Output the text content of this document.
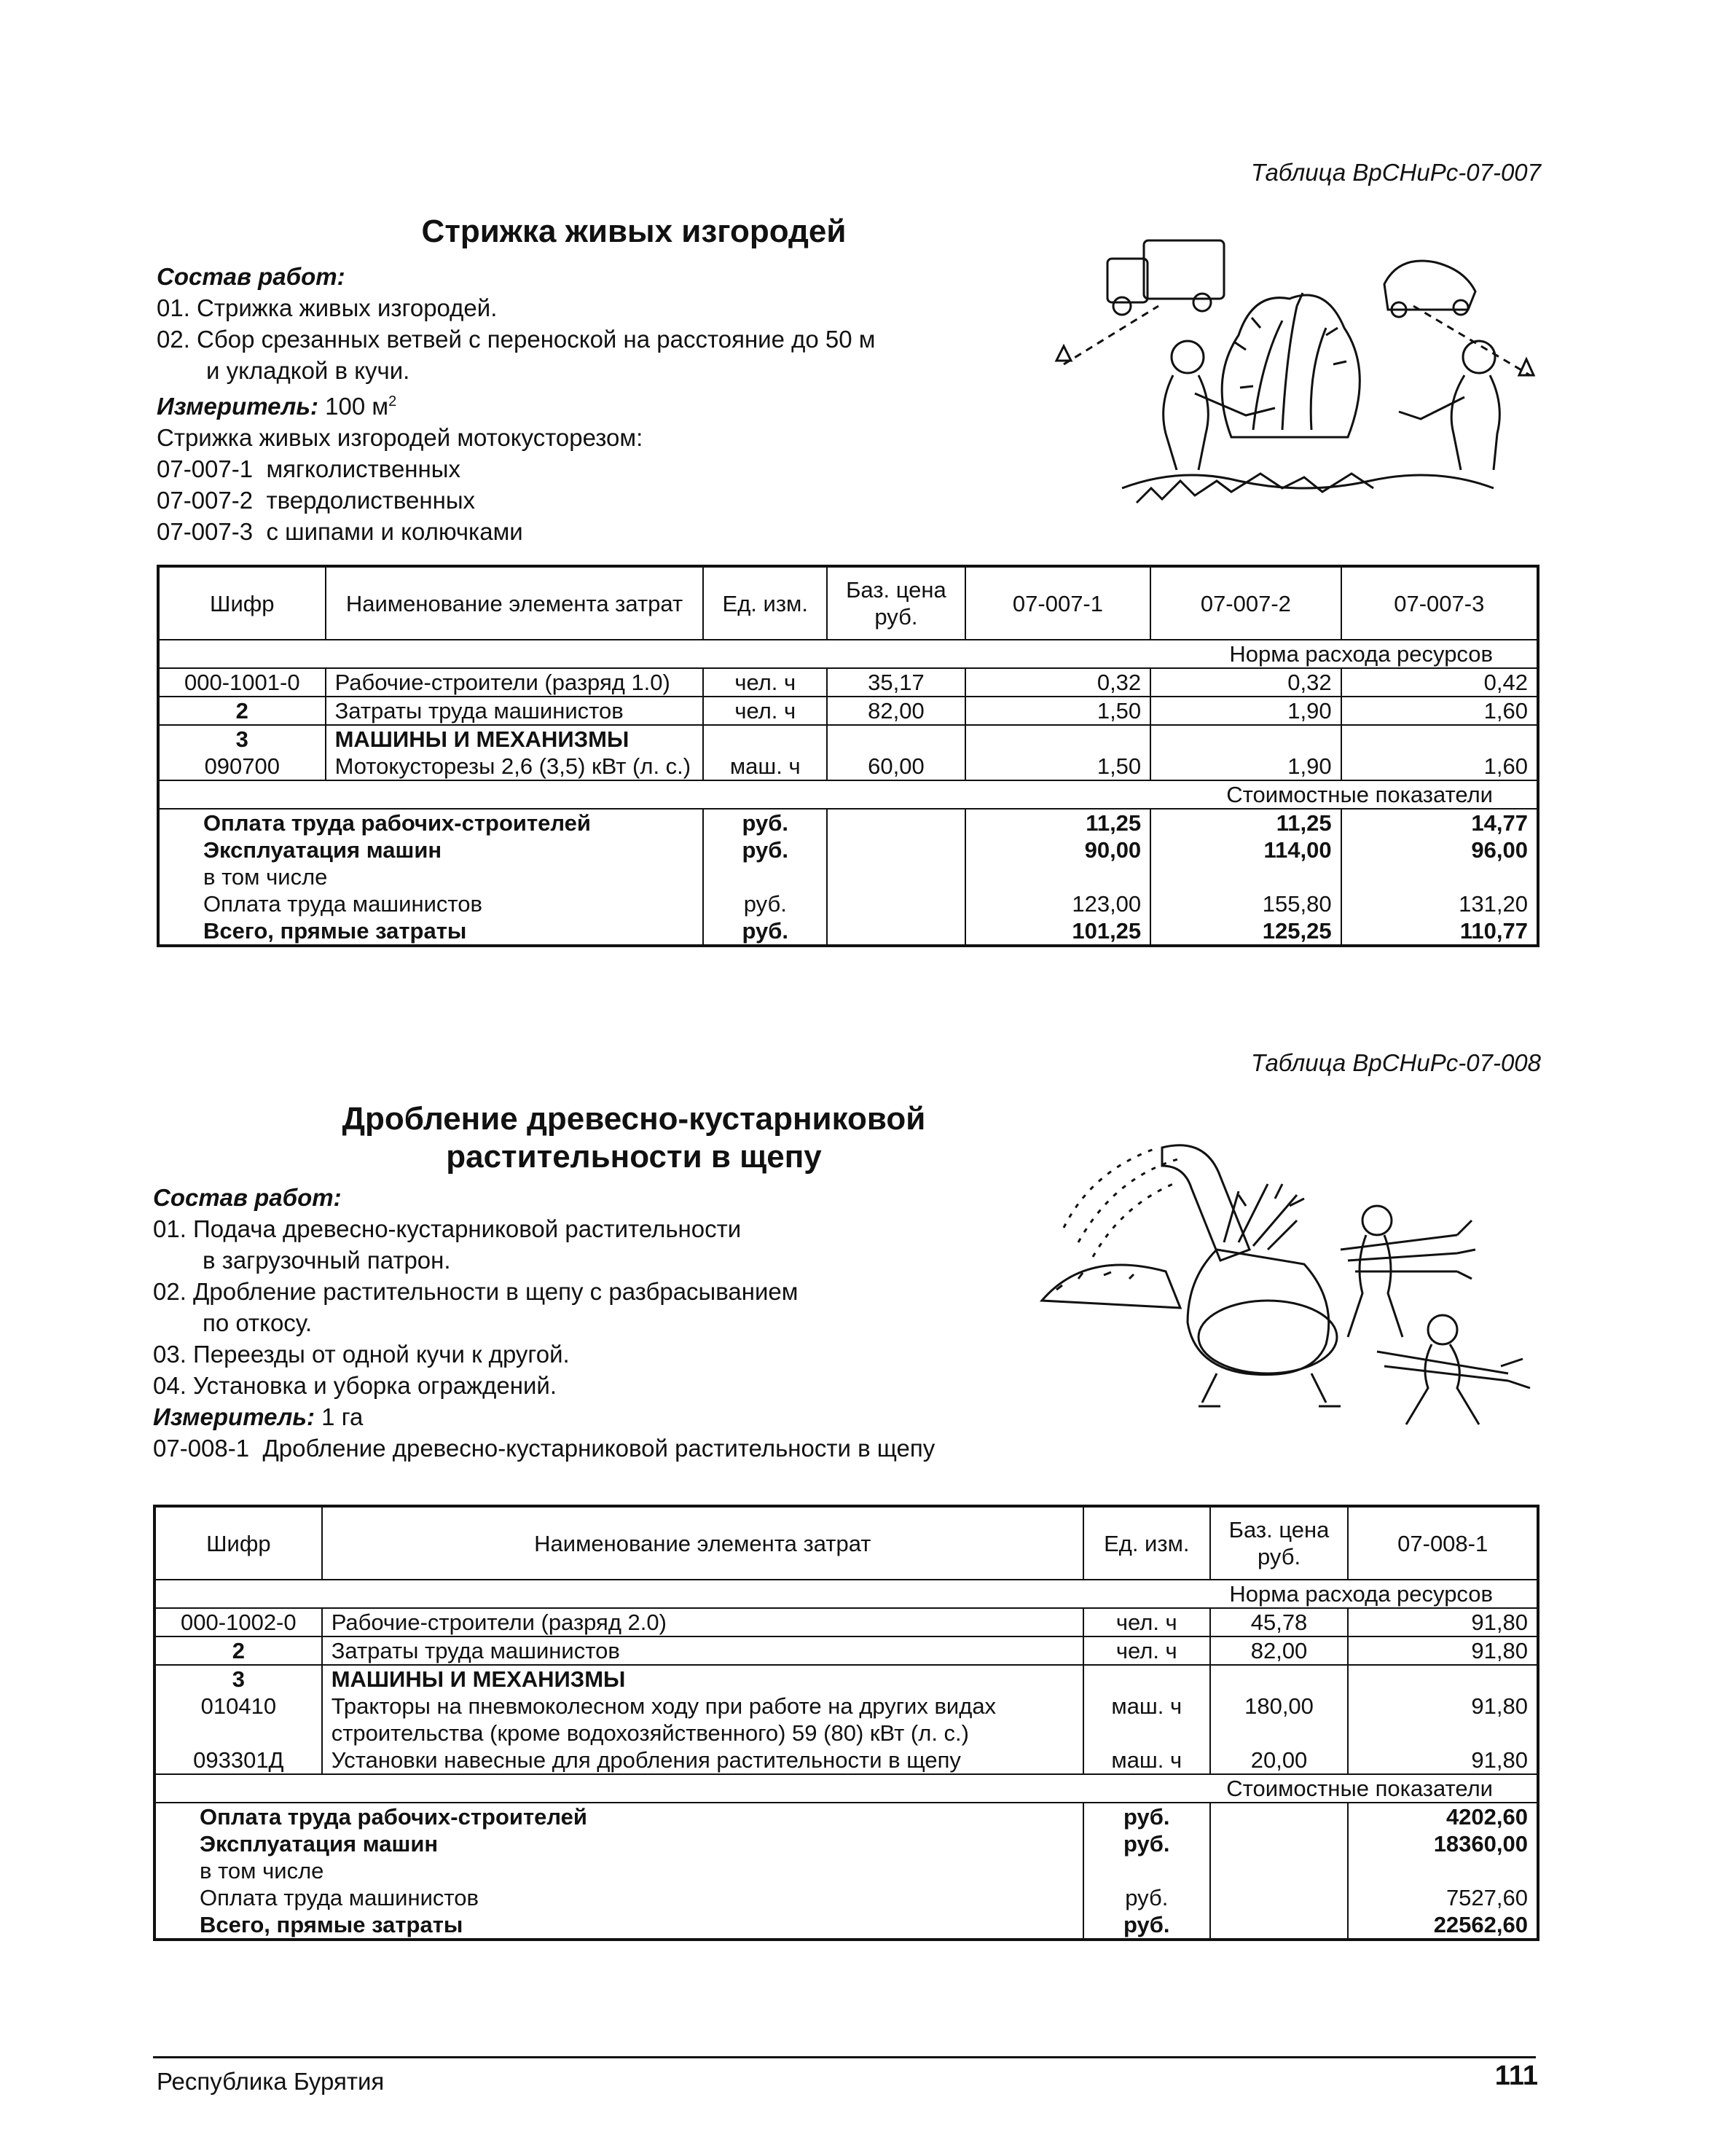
Таблица ВрСНиРс-07-007
Стрижка живых изгородей
Состав работ:
01. Стрижка живых изгородей.
02. Сбор срезанных ветвей с переноской на расстояние до 50 м
и укладкой в кучи.
Измеритель: 100 $м^2$
Стрижка живых изгородей мотокусторезом:
07-007-1 мягколиственных
07-007-2 твердолиственных
07-007-3 с шипами и колючками
Шифр	Наименование элемента затрат	Ед. изм.	Баз. цена руб.	07-007-1	07-007-2	07-007-3
Норма расхода ресурсов						
000-1001-0	Рабочие-строители (разряд 1.0)	чел. ч	35,17	0,32	0,32	0,42
2	Затраты труда машинистов	чел. ч	82,00	1,50	1,90	1,60
3	МАШИНЫ И МЕХАНИЗМЫ					
090700	Мотокусторезы 2,6 (3,5) кВт (л. с.)	маш. ч	60,00	1,50	1,90	1,60
Стоимостные показатели						
Оплата труда рабочих-строителей		руб.		11,25	11,25	14,77
Эксплуатация машин		руб.		90,00	114,00	96,00
в том числе						
Оплата труда машинистов		руб.		123,00	155,80	131,20
Всего, прямые затраты		руб.		101,25	125,25	110,77
Таблица ВрСНиРс-07-008
Дробление древесно-кустарниковой
растительности в щепу
Состав работ:
01. Подача древесно-кустарниковой растительности
в загрузочный патрон.
02. Дробление растительности в щепу с разбрасыванием
по откосу.
03. Переезды от одной кучи к другой.
04. Установка и уборка ограждений.
Измеритель: 1 га
07-008-1 Дробление древесно-кустарниковой растительности в щепу
Шифр	Наименование элемента затрат	Ед. изм.	Баз. цена руб.	07-008-1
Норма расхода ресурсов				
000-1002-0	Рабочие-строители (разряд 2.0)	чел. ч	45,78	91,80
2	Затраты труда машинистов	чел. ч	82,00	91,80
3	МАШИНЫ И МЕХАНИЗМЫ			
010410	Тракторы на пневмоколесном ходу при работе на других видах строительства (кроме водохозяйственного) 59 (80) кВт (л. с.)	маш. ч	180,00	91,80
093301Д	Установки навесные для дробления растительности в щепу	маш. ч	20,00	91,80
Стоимостные показатели				
Оплата труда рабочих-строителей		руб.		4202,60
Эксплуатация машин		руб.		18360,00
в том числе				
Оплата труда машинистов		руб.		7527,60
Всего, прямые затраты		руб.		22562,60
Республика Бурятия	111
